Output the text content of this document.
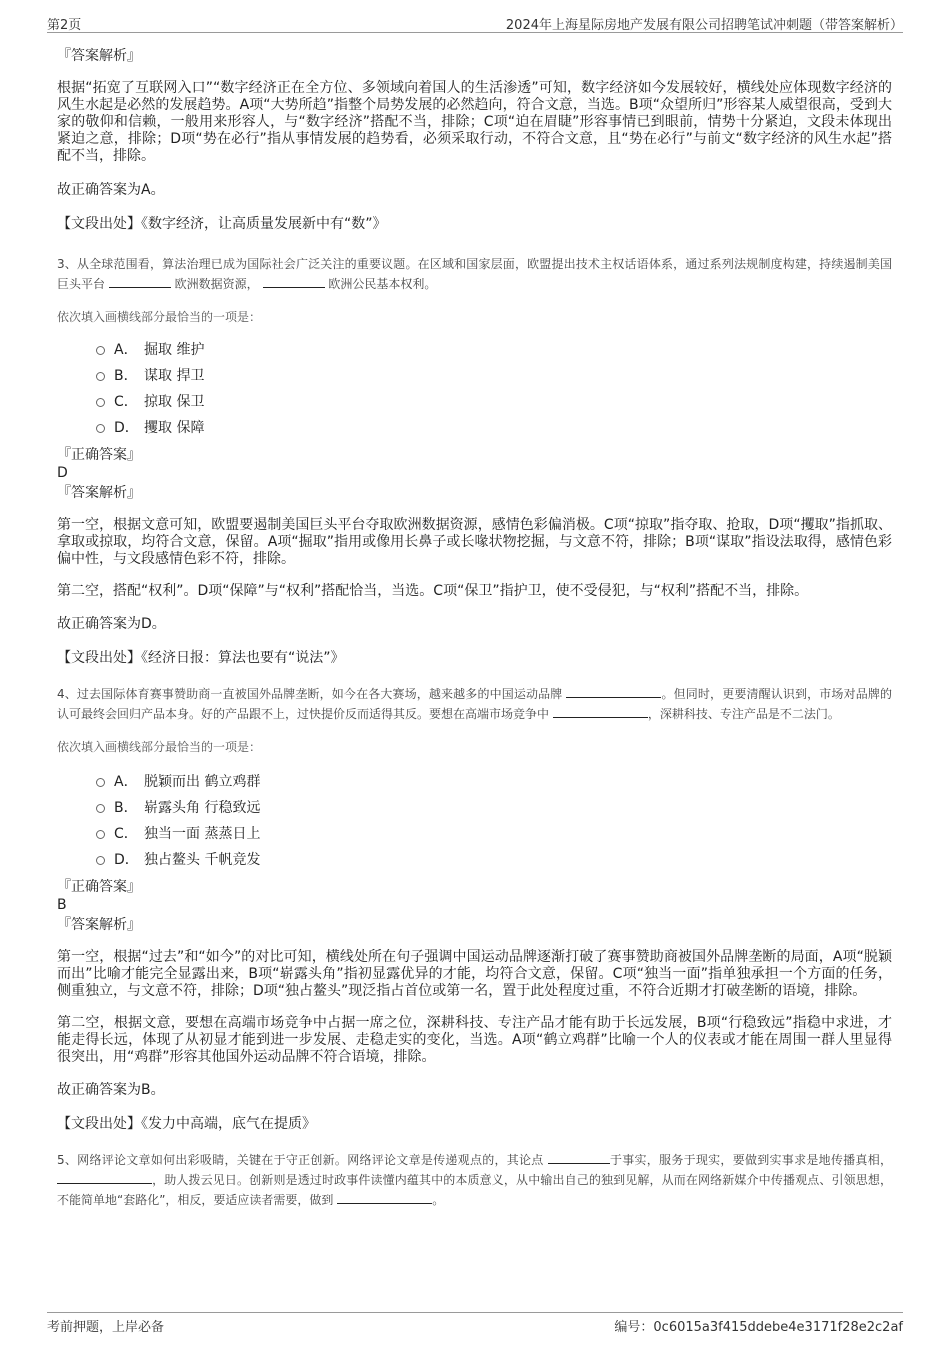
第2页	2024年上海星际房地产发展有限公司招聘笔试冲刺题（带答案解析）

『答案解析』

根据“拓宽了互联网入口”“数字经济正在全方位、多领域向着国人的生活渗透”可知，数字经济如今发展较好，横线处应体现数字经济的风生水起是必然的发展趋势。A项“大势所趋”指整个局势发展的必然趋向，符合文意，当选。B项“众望所归”形容某人威望很高，受到大家的敬仰和信赖，一般用来形容人，与“数字经济”搭配不当，排除；C项“迫在眉睫”形容事情已到眼前，情势十分紧迫，文段未体现出紧迫之意，排除；D项“势在必行”指从事情发展的趋势看，必须采取行动，不符合文意，且“势在必行”与前文“数字经济的风生水起”搭配不当，排除。

故正确答案为A。

【文段出处】《数字经济，让高质量发展新中有“数”》

3、从全球范围看，算法治理已成为国际社会广泛关注的重要议题。在区域和国家层面，欧盟提出技术主权话语体系，通过系列法规制度构建，持续遏制美国巨头平台	欧洲数据资源，	欧洲公民基本权利。

依次填入画横线部分最恰当的一项是：

A． 掘取 维护
B． 谋取 捍卫
C． 掠取 保卫
D． 攫取 保障

『正确答案』

D

『答案解析』

第一空，根据文意可知，欧盟要遏制美国巨头平台夺取欧洲数据资源，感情色彩偏消极。C项“掠取”指夺取、抢取，D项“攫取”指抓取、拿取或掠取，均符合文意，保留。A项“掘取”指用或像用长鼻子或长喙状物挖掘，与文意不符，排除；B项“谋取”指设法取得，感情色彩偏中性，与文段感情色彩不符，排除。

第二空，搭配“权利”。D项“保障”与“权利”搭配恰当，当选。C项“保卫”指护卫，使不受侵犯，与“权利”搭配不当，排除。

故正确答案为D。

【文段出处】《经济日报：算法也要有“说法”》

4、过去国际体育赛事赞助商一直被国外品牌垄断，如今在各大赛场，越来越多的中国运动品牌	。但同时，更要清醒认识到，市场对品牌的认可最终会回归产品本身。好的产品跟不上，过快提价反而适得其反。要想在高端市场竞争中	，深耕科技、专注产品是不二法门。

依次填入画横线部分最恰当的一项是：

A． 脱颖而出 鹤立鸡群
B． 崭露头角 行稳致远
C． 独当一面 蒸蒸日上
D． 独占鳌头 千帆竞发

『正确答案』

B

『答案解析』

第一空，根据“过去”和“如今”的对比可知，横线处所在句子强调中国运动品牌逐渐打破了赛事赞助商被国外品牌垄断的局面，A项“脱颖而出”比喻才能完全显露出来，B项“崭露头角”指初显露优异的才能，均符合文意，保留。C项“独当一面”指单独承担一个方面的任务，侧重独立，与文意不符，排除；D项“独占鳌头”现泛指占首位或第一名，置于此处程度过重，不符合近期才打破垄断的语境，排除。

第二空，根据文意，要想在高端市场竞争中占据一席之位，深耕科技、专注产品才能有助于长远发展，B项“行稳致远”指稳中求进，才能走得长远，体现了从初显才能到进一步发展、走稳走实的变化，当选。A项“鹤立鸡群”比喻一个人的仪表或才能在周围一群人里显得很突出，用“鸡群”形容其他国外运动品牌不符合语境，排除。

故正确答案为B。

【文段出处】《发力中高端，底气在提质》

5、网络评论文章如何出彩吸睛，关键在于守正创新。网络评论文章是传递观点的，其论点	于事实，服务于现实，要做到实事求是地传播真相， ，助人拨云见日。创新则是透过时政事件读懂内蕴其中的本质意义，从中输出自己的独到见解，从而在网络新媒介中传播观点、引领思想，不能简单地“套路化”，相反，要适应读者需要，做到	。

考前押题，上岸必备	编号：0c6015a3f415ddebe4e3171f28e2c2af
